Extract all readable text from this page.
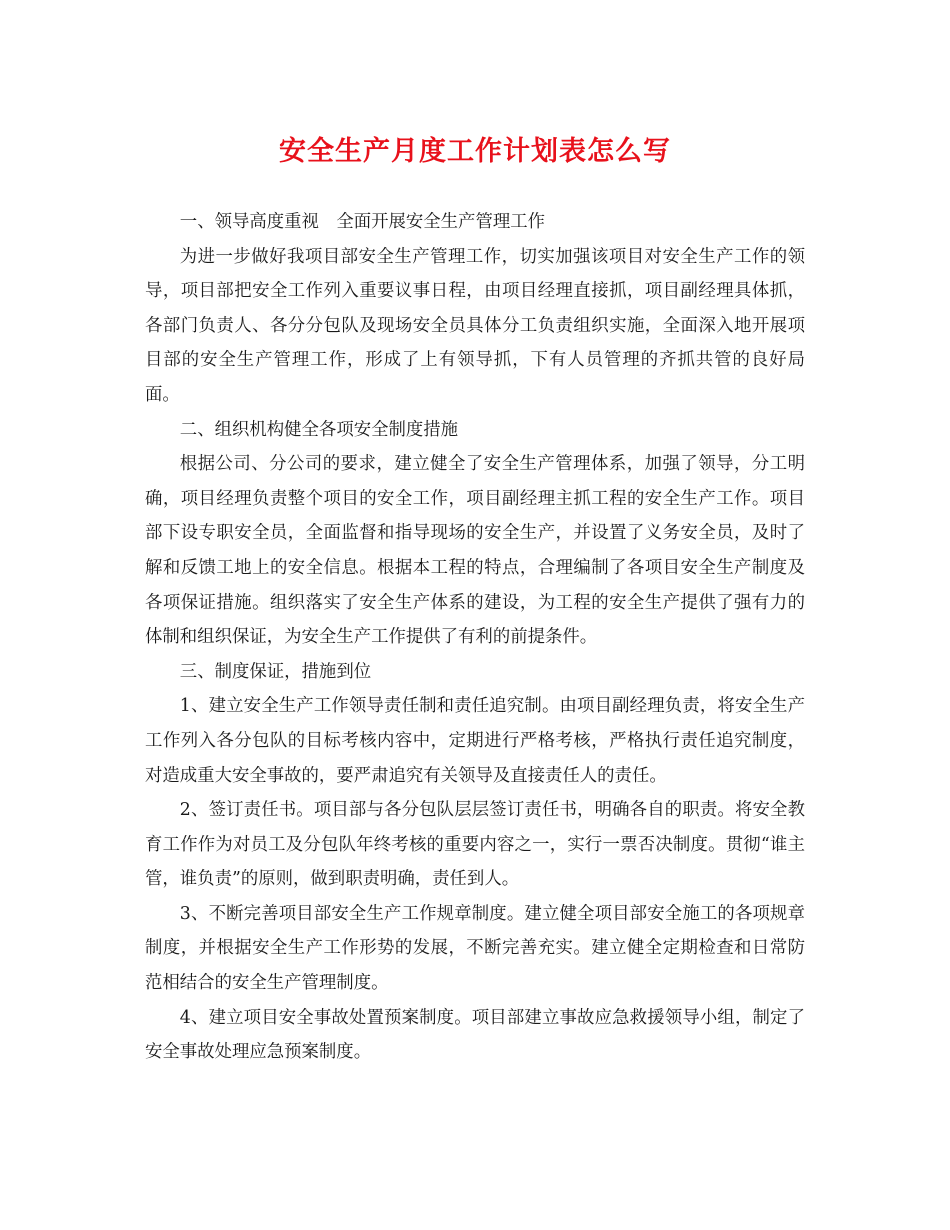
安全生产月度工作计划表怎么写

一、领导高度重视　全面开展安全生产管理工作

为进一步做好我项目部安全生产管理工作，切实加强该项目对安全生产工作的领导，项目部把安全工作列入重要议事日程，由项目经理直接抓，项目副经理具体抓，各部门负责人、各分分包队及现场安全员具体分工负责组织实施，全面深入地开展项目部的安全生产管理工作，形成了上有领导抓，下有人员管理的齐抓共管的良好局面。

二、组织机构健全各项安全制度措施

根据公司、分公司的要求，建立健全了安全生产管理体系，加强了领导，分工明确，项目经理负责整个项目的安全工作，项目副经理主抓工程的安全生产工作。项目部下设专职安全员，全面监督和指导现场的安全生产，并设置了义务安全员，及时了解和反馈工地上的安全信息。根据本工程的特点，合理编制了各项目安全生产制度及各项保证措施。组织落实了安全生产体系的建设，为工程的安全生产提供了强有力的体制和组织保证，为安全生产工作提供了有利的前提条件。

三、制度保证，措施到位

1、建立安全生产工作领导责任制和责任追究制。由项目副经理负责，将安全生产工作列入各分包队的目标考核内容中，定期进行严格考核，严格执行责任追究制度，对造成重大安全事故的，要严肃追究有关领导及直接责任人的责任。

2、签订责任书。项目部与各分包队层层签订责任书，明确各自的职责。将安全教育工作作为对员工及分包队年终考核的重要内容之一，实行一票否决制度。贯彻“谁主管，谁负责”的原则，做到职责明确，责任到人。

3、不断完善项目部安全生产工作规章制度。建立健全项目部安全施工的各项规章制度，并根据安全生产工作形势的发展，不断完善充实。建立健全定期检查和日常防范相结合的安全生产管理制度。

4、建立项目安全事故处置预案制度。项目部建立事故应急救援领导小组，制定了安全事故处理应急预案制度。
